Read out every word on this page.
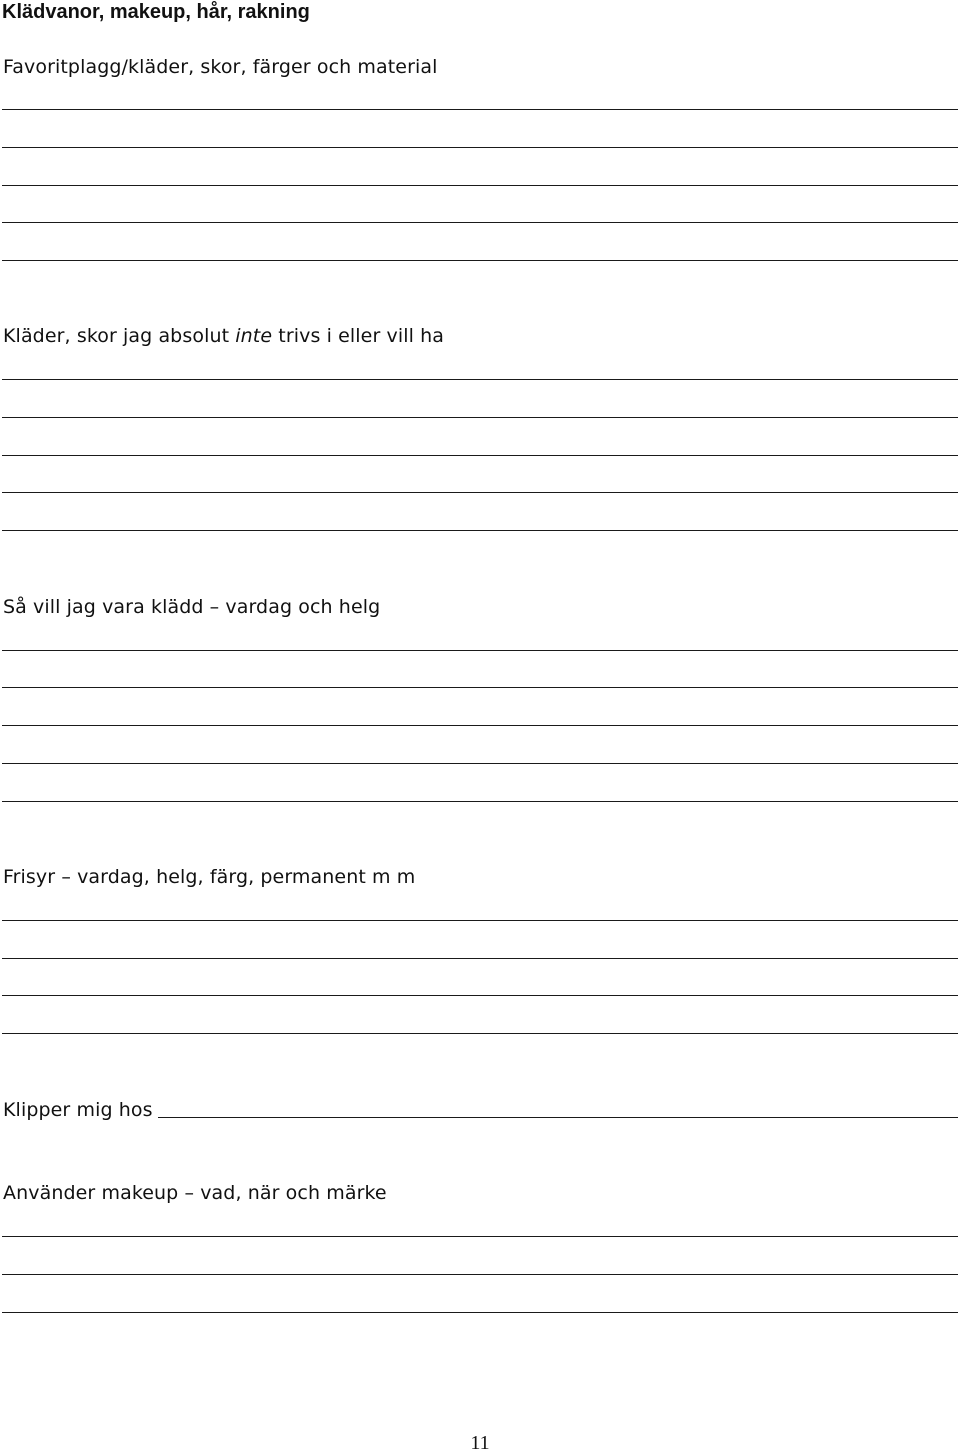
Klädvanor, makeup, hår, rakning
Favoritplagg/kläder, skor, färger och material
Kläder, skor jag absolut inte trivs i eller vill ha
Så vill jag vara klädd – vardag och helg
Frisyr – vardag, helg, färg, permanent m m
Klipper mig hos
Använder makeup – vad, när och märke
11
